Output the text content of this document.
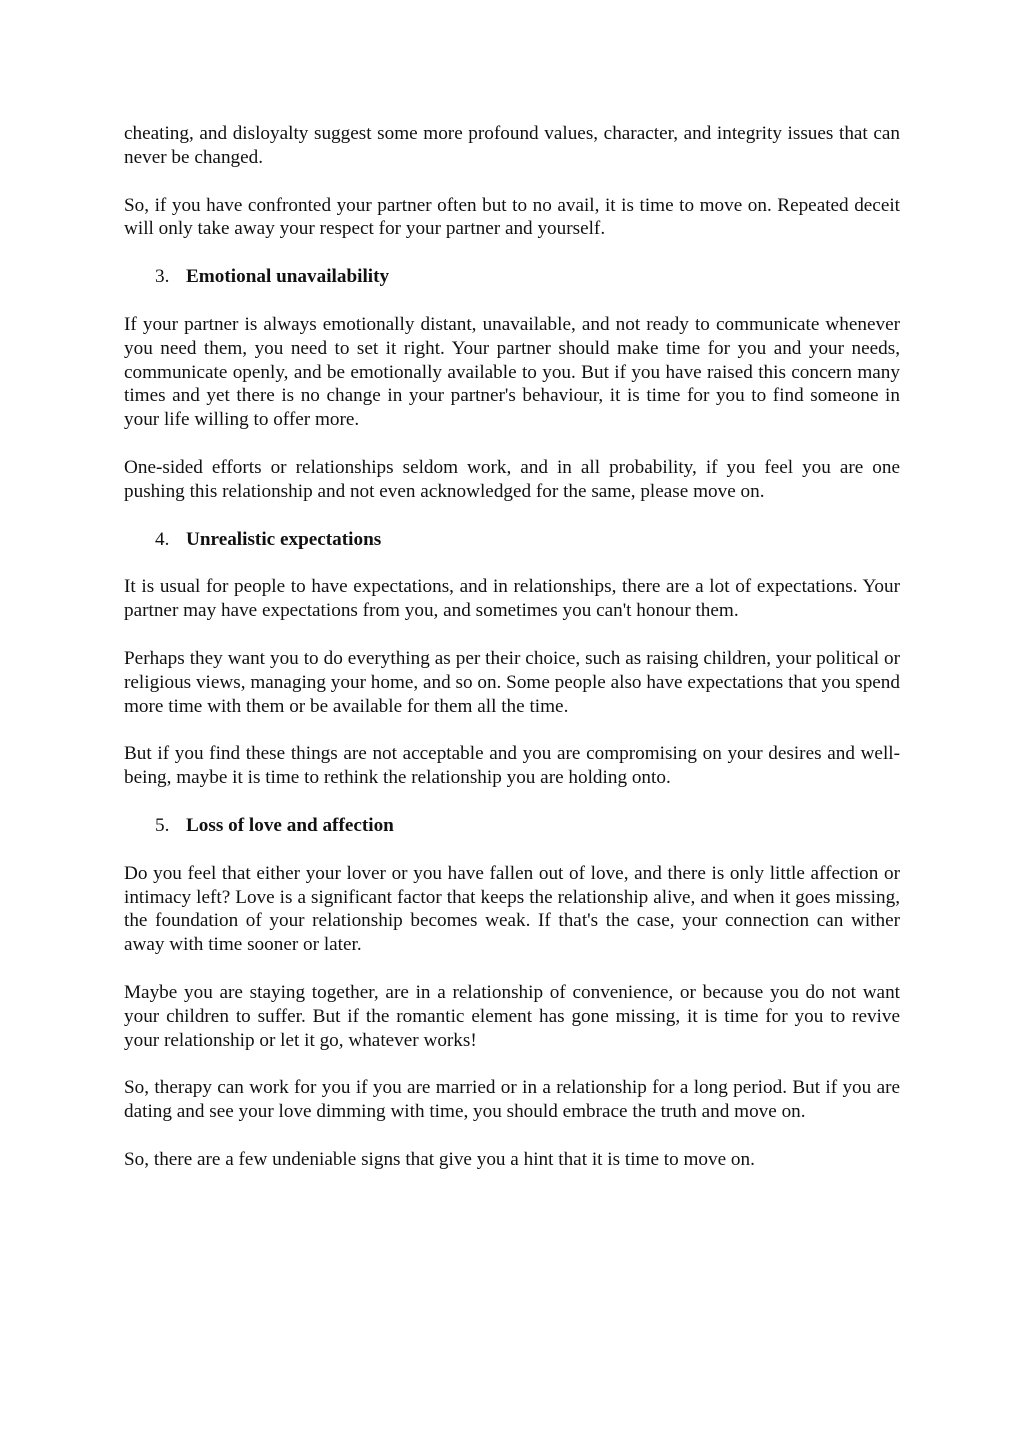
cheating, and disloyalty suggest some more profound values, character, and integrity issues that can never be changed.

So, if you have confronted your partner often but to no avail, it is time to move on. Repeated deceit will only take away your respect for your partner and yourself.

3. Emotional unavailability

If your partner is always emotionally distant, unavailable, and not ready to communicate whenever you need them, you need to set it right. Your partner should make time for you and your needs, communicate openly, and be emotionally available to you. But if you have raised this concern many times and yet there is no change in your partner's behaviour, it is time for you to find someone in your life willing to offer more.

One-sided efforts or relationships seldom work, and in all probability, if you feel you are one pushing this relationship and not even acknowledged for the same, please move on.

4. Unrealistic expectations

It is usual for people to have expectations, and in relationships, there are a lot of expectations. Your partner may have expectations from you, and sometimes you can't honour them.

Perhaps they want you to do everything as per their choice, such as raising children, your political or religious views, managing your home, and so on. Some people also have expectations that you spend more time with them or be available for them all the time.

But if you find these things are not acceptable and you are compromising on your desires and well-being, maybe it is time to rethink the relationship you are holding onto.

5. Loss of love and affection

Do you feel that either your lover or you have fallen out of love, and there is only little affection or intimacy left? Love is a significant factor that keeps the relationship alive, and when it goes missing, the foundation of your relationship becomes weak. If that's the case, your connection can wither away with time sooner or later.

Maybe you are staying together, are in a relationship of convenience, or because you do not want your children to suffer. But if the romantic element has gone missing, it is time for you to revive your relationship or let it go, whatever works!

So, therapy can work for you if you are married or in a relationship for a long period. But if you are dating and see your love dimming with time, you should embrace the truth and move on.

So, there are a few undeniable signs that give you a hint that it is time to move on.
